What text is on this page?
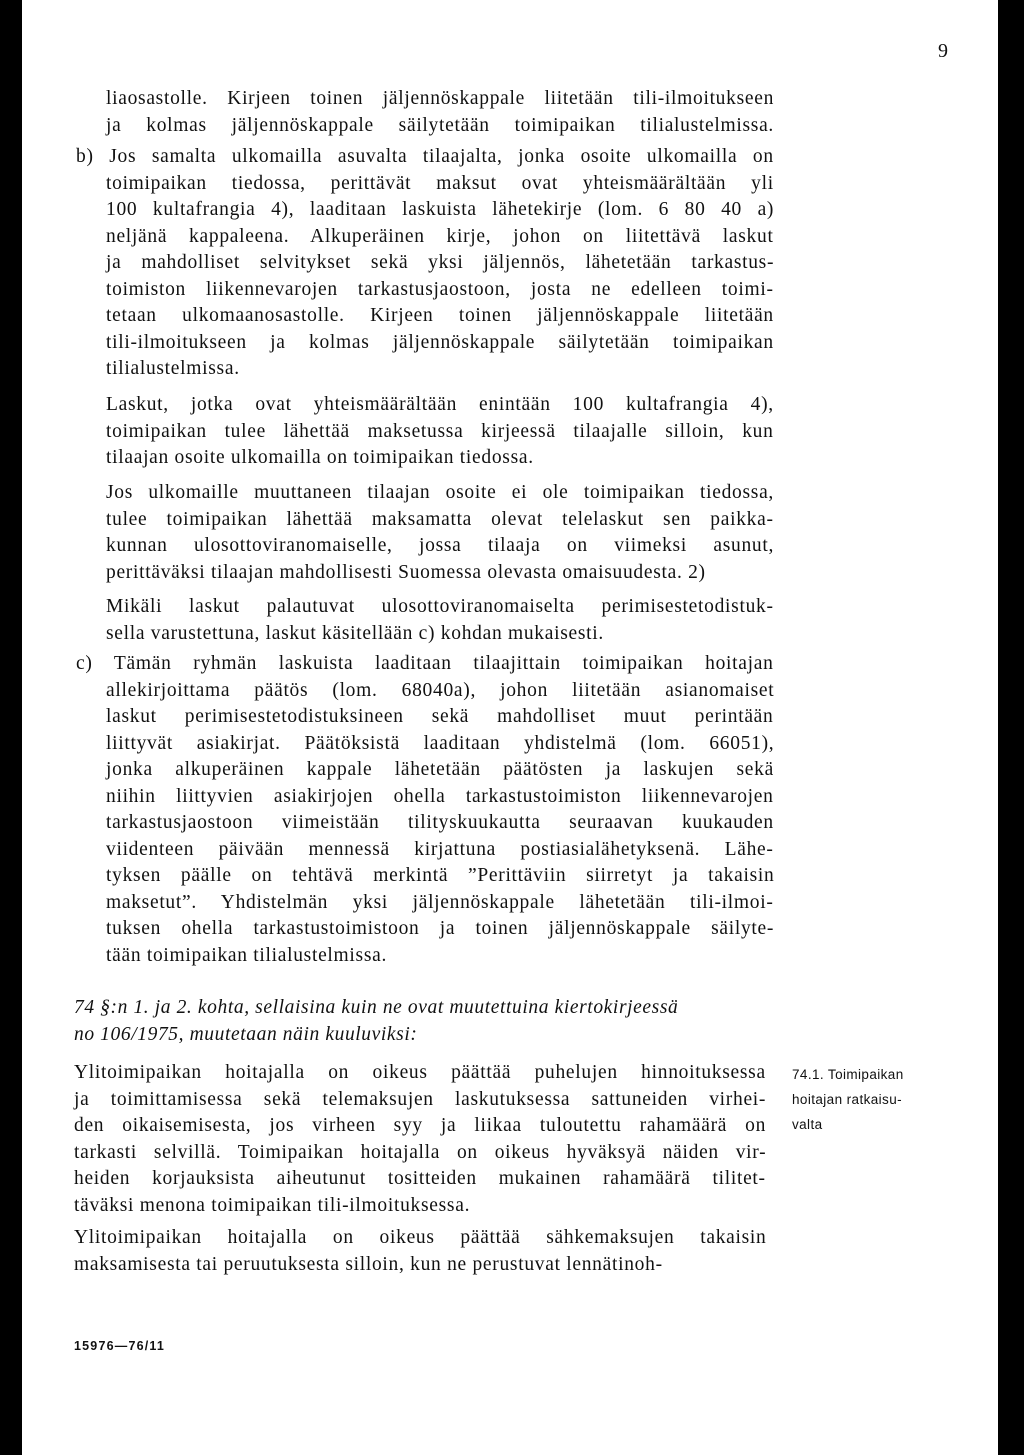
9
liaosastolle. Kirjeen toinen jäljennöskappale liitetään tili-ilmoitukseen
ja kolmas jäljennöskappale säilytetään toimipaikan tilialustelmissa.
b) Jos samalta ulkomailla asuvalta tilaajalta, jonka osoite ulkomailla on
toimipaikan tiedossa, perittävät maksut ovat yhteismäärältään yli
100 kultafrangia 4), laaditaan laskuista lähetekirje (lom. 6 80 40 a)
neljänä kappaleena. Alkuperäinen kirje, johon on liitettävä laskut
ja mahdolliset selvitykset sekä yksi jäljennös, lähetetään tarkastus-
toimiston liikennevarojen tarkastusjaostoon, josta ne edelleen toimi-
tetaan ulkomaanosastolle. Kirjeen toinen jäljennöskappale liitetään
tili-ilmoitukseen ja kolmas jäljennöskappale säilytetään toimipaikan
tilialustelmissa.
Laskut, jotka ovat yhteismäärältään enintään 100 kultafrangia 4),
toimipaikan tulee lähettää maksetussa kirjeessä tilaajalle silloin, kun
tilaajan osoite ulkomailla on toimipaikan tiedossa.
Jos ulkomaille muuttaneen tilaajan osoite ei ole toimipaikan tiedossa,
tulee toimipaikan lähettää maksamatta olevat telelaskut sen paikka-
kunnan ulosottoviranomaiselle, jossa tilaaja on viimeksi asunut,
perittäväksi tilaajan mahdollisesti Suomessa olevasta omaisuudesta. 2)
Mikäli laskut palautuvat ulosottoviranomaiselta perimisestetodistuk-
sella varustettuna, laskut käsitellään c) kohdan mukaisesti.
c) Tämän ryhmän laskuista laaditaan tilaajittain toimipaikan hoitajan
allekirjoittama päätös (lom. 68040a), johon liitetään asianomaiset
laskut perimisestetodistuksineen sekä mahdolliset muut perintään
liittyvät asiakirjat. Päätöksistä laaditaan yhdistelmä (lom. 66051),
jonka alkuperäinen kappale lähetetään päätösten ja laskujen sekä
niihin liittyvien asiakirjojen ohella tarkastustoimiston liikennevarojen
tarkastusjaostoon viimeistään tilityskuukautta seuraavan kuukauden
viidenteen päivään mennessä kirjattuna postiasialähetyksenä. Lähe-
tyksen päälle on tehtävä merkintä ”Perittäviin siirretyt ja takaisin
maksetut”. Yhdistelmän yksi jäljennöskappale lähetetään tili-ilmoi-
tuksen ohella tarkastustoimistoon ja toinen jäljennöskappale säilyte-
tään toimipaikan tilialustelmissa.
74 §:n 1. ja 2. kohta, sellaisina kuin ne ovat muutettuina kiertokirjeessä
no 106/1975, muutetaan näin kuuluviksi:
Ylitoimipaikan hoitajalla on oikeus päättää puhelujen hinnoituksessa
ja toimittamisessa sekä telemaksujen laskutuksessa sattuneiden virhei-
den oikaisemisesta, jos virheen syy ja liikaa tuloutettu rahamäärä on
tarkasti selvillä. Toimipaikan hoitajalla on oikeus hyväksyä näiden vir-
heiden korjauksista aiheutunut tositteiden mukainen rahamäärä tilitet-
täväksi menona toimipaikan tili-ilmoituksessa.
Ylitoimipaikan hoitajalla on oikeus päättää sähkemaksujen takaisin
maksamisesta tai peruutuksesta silloin, kun ne perustuvat lennätinoh-
74.1. Toimipaikan
hoitajan ratkaisu-
valta
15976—76/11
